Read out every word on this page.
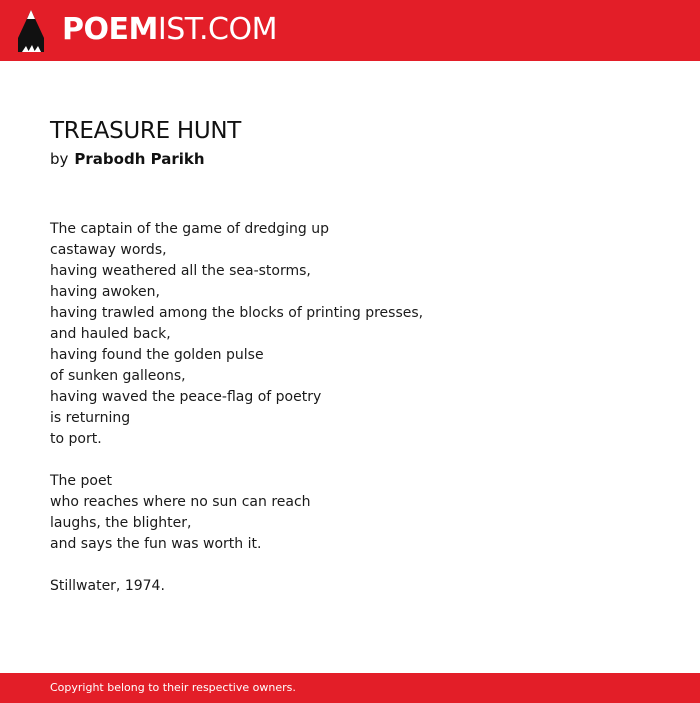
POEMIST.COM
TREASURE HUNT
by Prabodh Parikh
The captain of the game of dredging up
castaway words,
having weathered all the sea-storms,
having awoken,
having trawled among the blocks of printing presses,
and hauled back,
having found the golden pulse
of sunken galleons,
having waved the peace-flag of poetry
is returning
to port.
The poet
who reaches where no sun can reach
laughs, the blighter,
and says the fun was worth it.
Stillwater, 1974.
Copyright belong to their respective owners.
